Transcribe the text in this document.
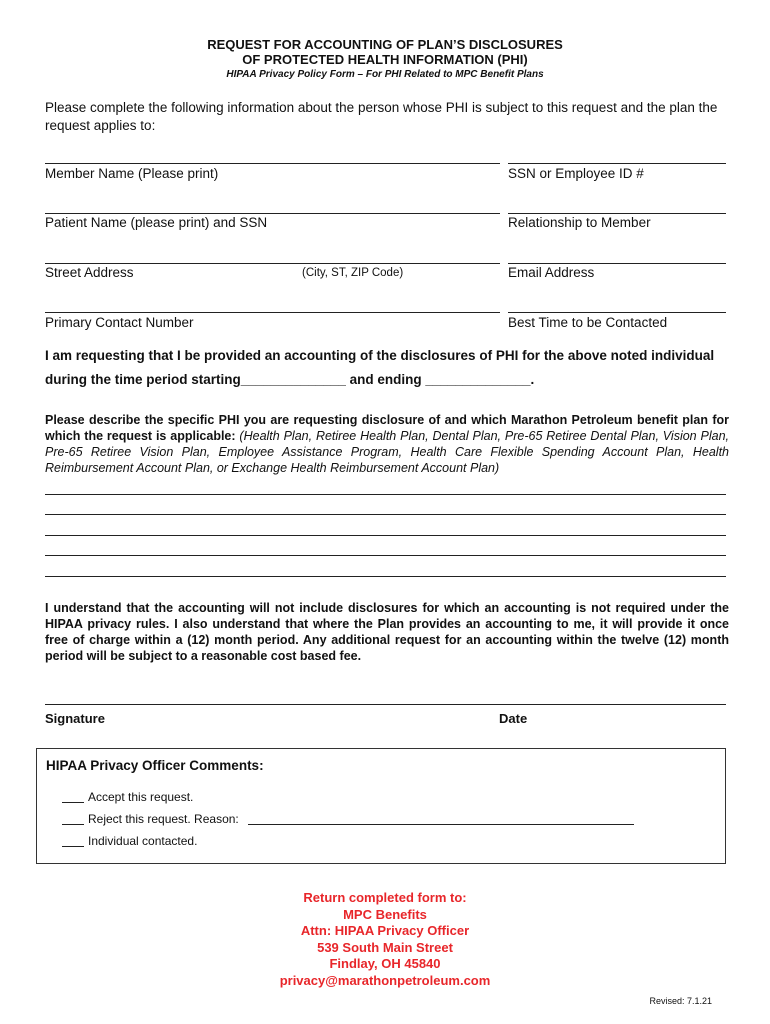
REQUEST FOR ACCOUNTING OF PLAN’S DISCLOSURES
OF PROTECTED HEALTH INFORMATION (PHI)
HIPAA Privacy Policy Form – For PHI Related to MPC Benefit Plans
Please complete the following information about the person whose PHI is subject to this request and the plan the request applies to:
Member Name (Please print)	SSN or Employee ID #
Patient Name (please print) and SSN	Relationship to Member
Street Address	(City, ST, ZIP Code)	Email Address
Primary Contact Number	Best Time to be Contacted
I am requesting that I be provided an accounting of the disclosures of PHI for the above noted individual
during the time period starting______________ and ending ______________.
Please describe the specific PHI you are requesting disclosure of and which Marathon Petroleum benefit plan for which the request is applicable: (Health Plan, Retiree Health Plan, Dental Plan, Pre-65 Retiree Dental Plan, Vision Plan, Pre-65 Retiree Vision Plan, Employee Assistance Program, Health Care Flexible Spending Account Plan, Health Reimbursement Account Plan, or Exchange Health Reimbursement Account Plan)
I understand that the accounting will not include disclosures for which an accounting is not required under the HIPAA privacy rules. I also understand that where the Plan provides an accounting to me, it will provide it once free of charge within a (12) month period. Any additional request for an accounting within the twelve (12) month period will be subject to a reasonable cost based fee.
Signature	Date
HIPAA Privacy Officer Comments:
Accept this request.
Reject this request. Reason:
Individual contacted.
Return completed form to:
MPC Benefits
Attn: HIPAA Privacy Officer
539 South Main Street
Findlay, OH 45840
privacy@marathonpetroleum.com
Revised: 7.1.21
